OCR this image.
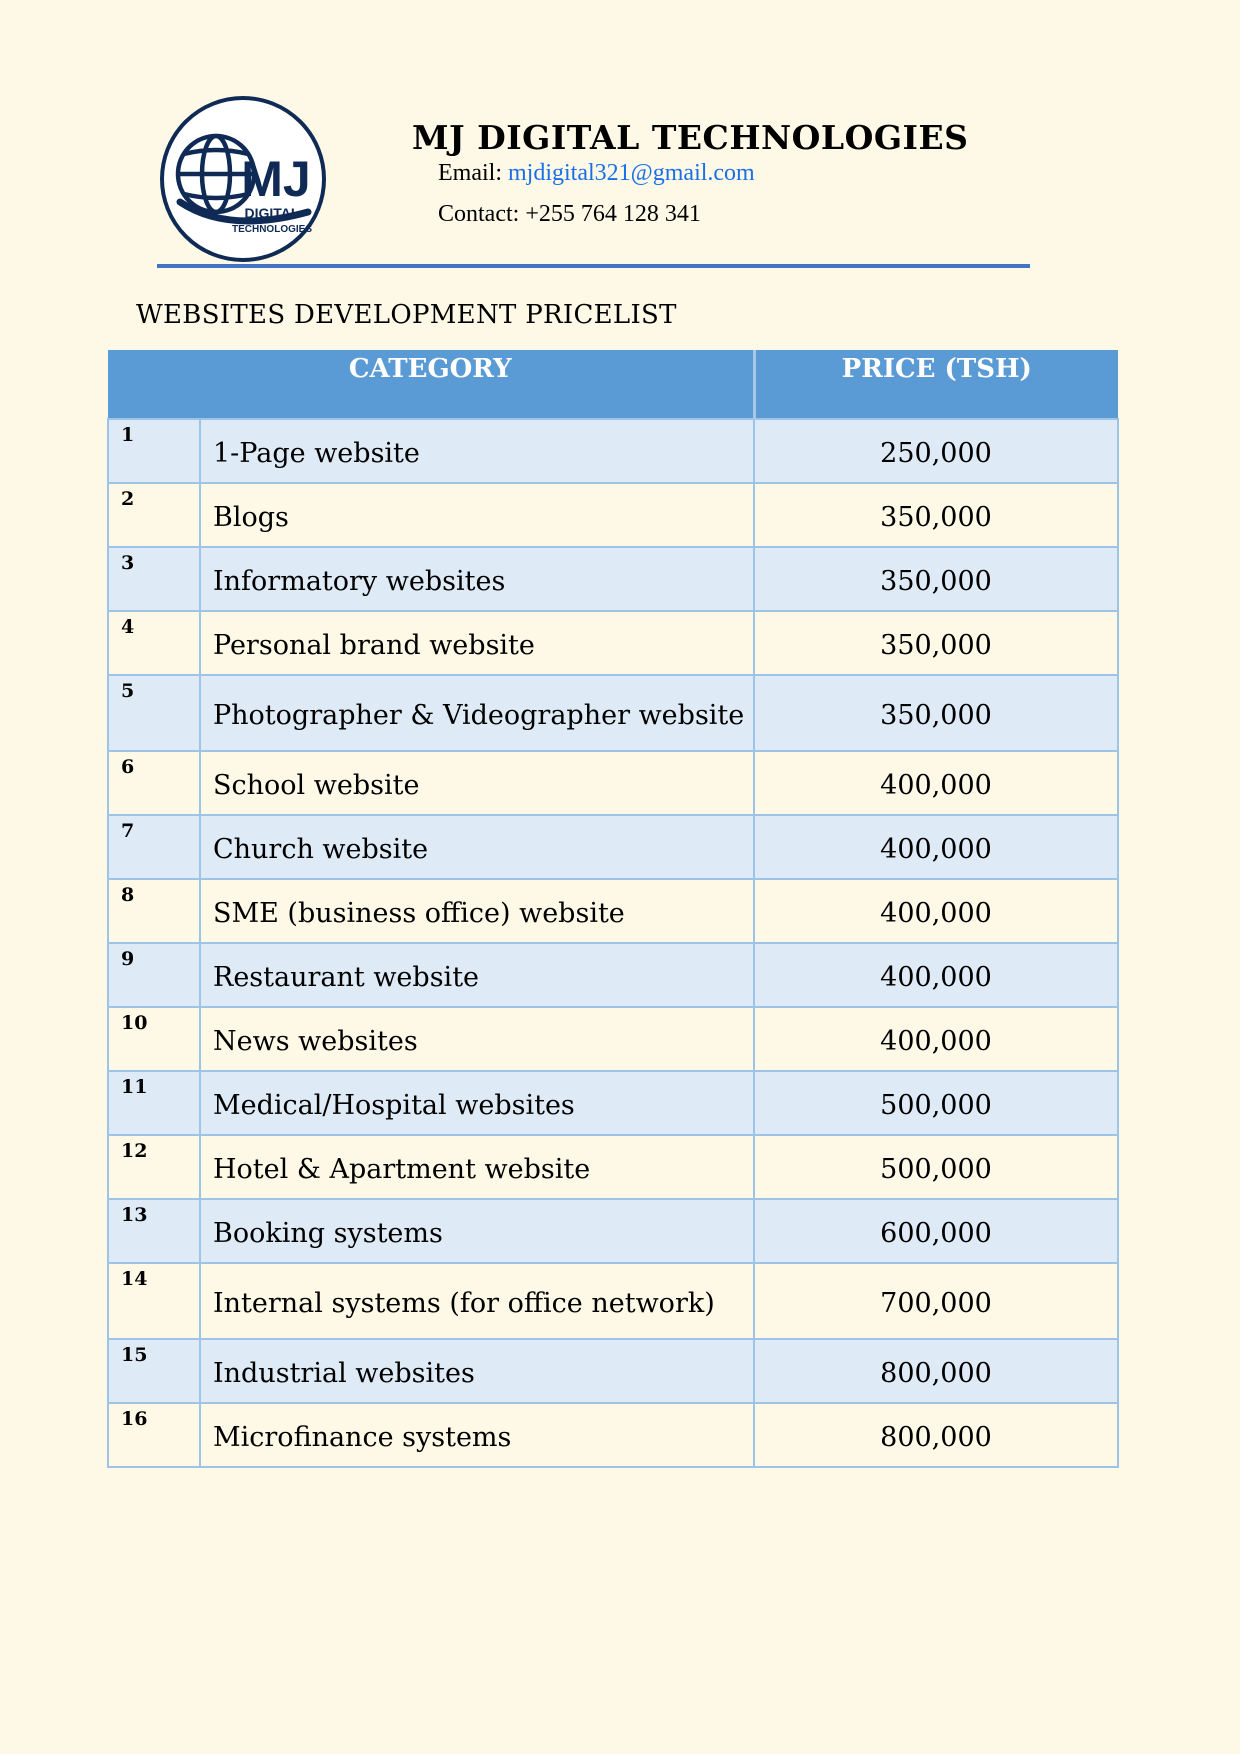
MJ
DIGITAL
TECHNOLOGIES
MJ DIGITAL TECHNOLOGIES
Email: mjdigital321@gmail.com
Contact: +255 764 128 341
WEBSITES DEVELOPMENT PRICELIST
CATEGORY		PRICE (TSH)
1	1-Page website	250,000
2	Blogs	350,000
3	Informatory websites	350,000
4	Personal brand website	350,000
5	Photographer & Videographer website	350,000
6	School website	400,000
7	Church website	400,000
8	SME (business office) website	400,000
9	Restaurant website	400,000
10	News websites	400,000
11	Medical/Hospital websites	500,000
12	Hotel & Apartment website	500,000
13	Booking systems	600,000
14	Internal systems (for office network)	700,000
15	Industrial websites	800,000
16	Microfinance systems	800,000
